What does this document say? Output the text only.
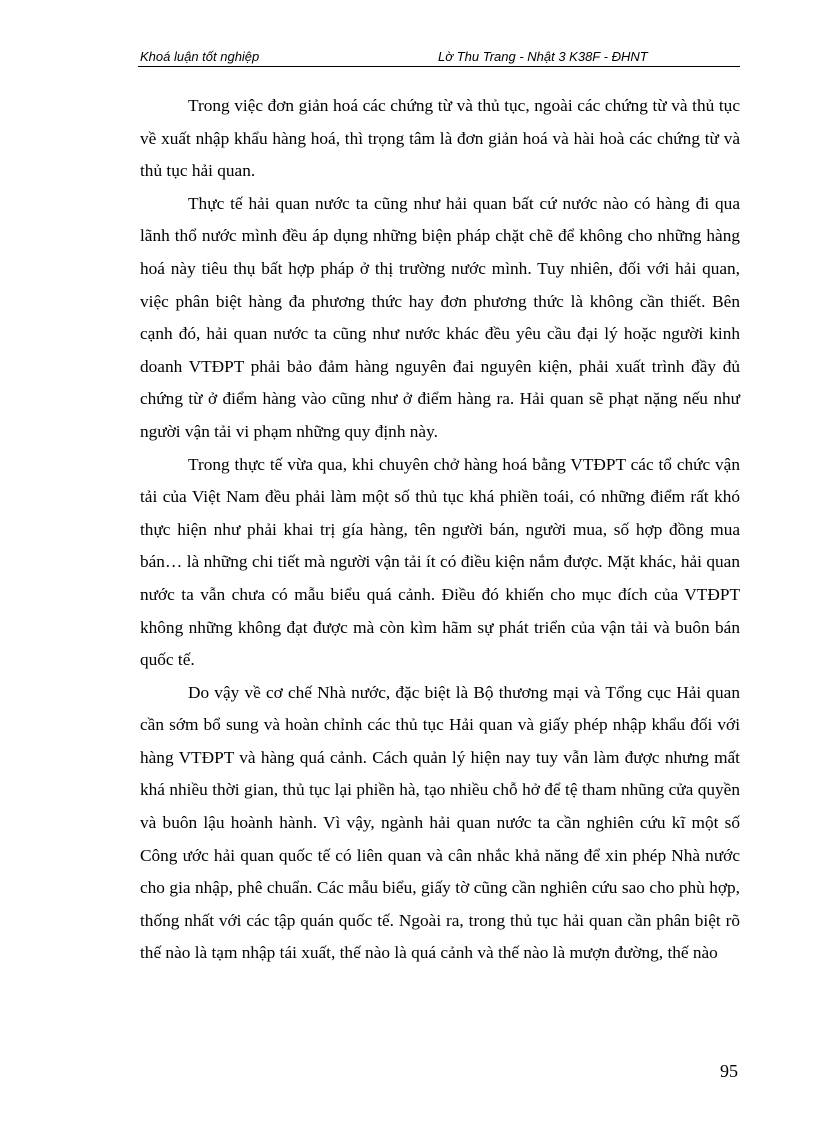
Khoá luận tốt nghiệp	Lờ Thu Trang - Nhật 3 K38F - ĐHNT

Trong việc đơn giản hoá các chứng từ và thủ tục, ngoài các chứng từ và thủ tục về xuất nhập khẩu hàng hoá, thì trọng tâm là đơn giản hoá và hài hoà các chứng từ và thủ tục hải quan.

Thực tế hải quan nước ta cũng như hải quan bất cứ nước nào có hàng đi qua lãnh thổ nước mình đều áp dụng những biện pháp chặt chẽ để không cho những hàng hoá này tiêu thụ bất hợp pháp ở thị trường nước mình. Tuy nhiên, đối với hải quan, việc phân biệt hàng đa phương thức hay đơn phương thức là không cần thiết. Bên cạnh đó, hải quan nước ta cũng như nước khác đều yêu cầu đại lý hoặc người kinh doanh VTĐPT phải bảo đảm hàng nguyên đai nguyên kiện, phải xuất trình đầy đủ chứng từ ở điểm hàng vào cũng như ở điểm hàng ra. Hải quan sẽ phạt nặng nếu như người vận tải vi phạm những quy định này.

Trong thực tế vừa qua, khi chuyên chở hàng hoá bằng VTĐPT các tổ chức vận tải của Việt Nam đều phải làm một số thủ tục khá phiền toái, có những điểm rất khó thực hiện như phải khai trị gía hàng, tên người bán, người mua, số hợp đồng mua bán… là những chi tiết mà người vận tải ít có điều kiện nắm được. Mặt khác, hải quan nước ta vẫn chưa có mẫu biểu quá cảnh. Điều đó khiến cho mục đích của VTĐPT không những không đạt được mà còn kìm hãm sự phát triển của vận tải và buôn bán quốc tế.

Do vậy về cơ chế Nhà nước, đặc biệt là Bộ thương mại và Tổng cục Hải quan cần sớm bổ sung và hoàn chỉnh các thủ tục Hải quan và giấy phép nhập khẩu đối với hàng VTĐPT và hàng quá cảnh. Cách quản lý hiện nay tuy vẫn làm được nhưng mất khá nhiều thời gian, thủ tục lại phiền hà, tạo nhiều chỗ hở để tệ tham nhũng cửa quyền và buôn lậu hoành hành. Vì vậy, ngành hải quan nước ta cần nghiên cứu kĩ một số Công ước hải quan quốc tế có liên quan và cân nhắc khả năng để xin phép Nhà nước cho gia nhập, phê chuẩn. Các mẫu biểu, giấy tờ cũng cần nghiên cứu sao cho phù hợp, thống nhất với các tập quán quốc tế. Ngoài ra, trong thủ tục hải quan cần phân biệt rõ thế nào là tạm nhập tái xuất, thế nào là quá cảnh và thế nào là mượn đường, thế nào

95
